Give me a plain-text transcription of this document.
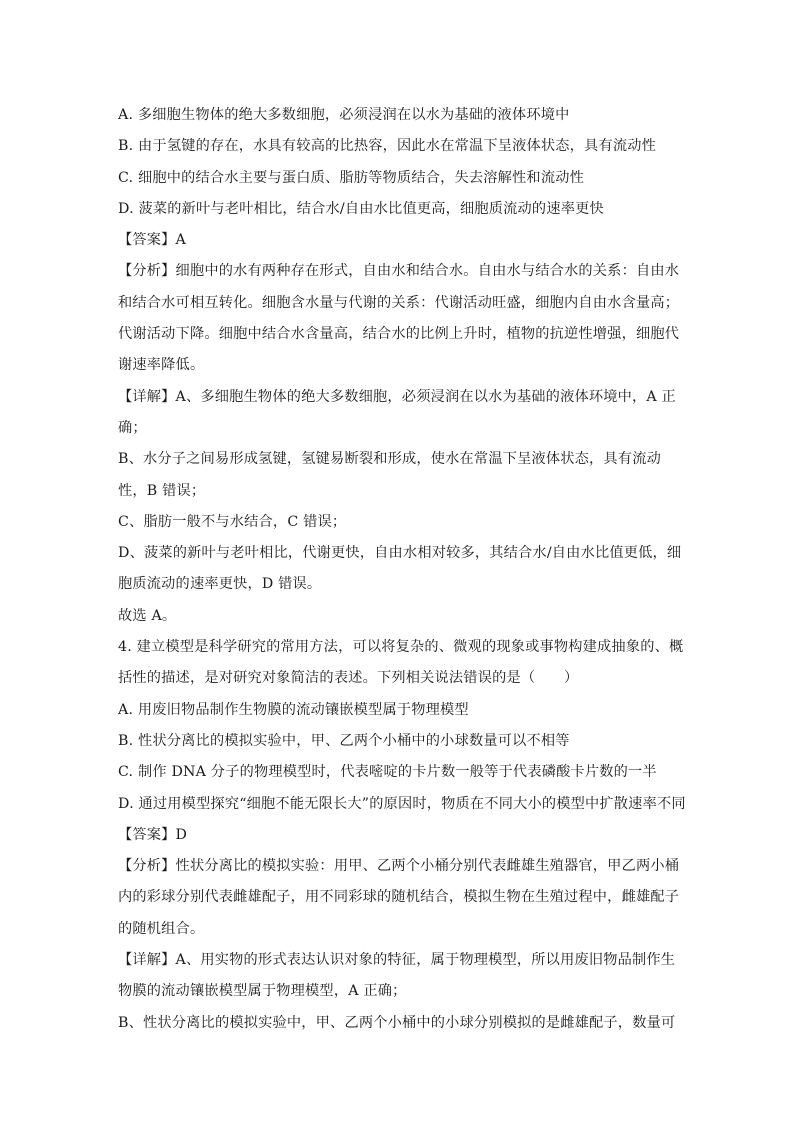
A. 多细胞生物体的绝大多数细胞，必须浸润在以水为基础的液体环境中
B. 由于氢键的存在，水具有较高的比热容，因此水在常温下呈液体状态，具有流动性
C. 细胞中的结合水主要与蛋白质、脂肪等物质结合，失去溶解性和流动性
D. 菠菜的新叶与老叶相比，结合水/自由水比值更高，细胞质流动的速率更快
【答案】A
【分析】细胞中的水有两种存在形式，自由水和结合水。自由水与结合水的关系：自由水
和结合水可相互转化。细胞含水量与代谢的关系：代谢活动旺盛，细胞内自由水含量高；
代谢活动下降。细胞中结合水含量高，结合水的比例上升时，植物的抗逆性增强，细胞代
谢速率降低。
【详解】A、多细胞生物体的绝大多数细胞，必须浸润在以水为基础的液体环境中，A 正
确；
B、水分子之间易形成氢键，氢键易断裂和形成，使水在常温下呈液体状态，具有流动
性，B 错误；
C、脂肪一般不与水结合，C 错误；
D、菠菜的新叶与老叶相比，代谢更快，自由水相对较多，其结合水/自由水比值更低，细
胞质流动的速率更快，D 错误。
故选 A。
4. 建立模型是科学研究的常用方法，可以将复杂的、微观的现象或事物构建成抽象的、概
括性的描述，是对研究对象简洁的表述。下列相关说法错误的是（　　）
A. 用废旧物品制作生物膜的流动镶嵌模型属于物理模型
B. 性状分离比的模拟实验中，甲、乙两个小桶中的小球数量可以不相等
C. 制作 DNA 分子的物理模型时，代表嘧啶的卡片数一般等于代表磷酸卡片数的一半
D. 通过用模型探究“细胞不能无限长大”的原因时，物质在不同大小的模型中扩散速率不同
【答案】D
【分析】性状分离比的模拟实验：用甲、乙两个小桶分别代表雌雄生殖器官，甲乙两小桶
内的彩球分别代表雌雄配子，用不同彩球的随机结合，模拟生物在生殖过程中，雌雄配子
的随机组合。
【详解】A、用实物的形式表达认识对象的特征，属于物理模型，所以用废旧物品制作生
物膜的流动镶嵌模型属于物理模型，A 正确；
B、性状分离比的模拟实验中，甲、乙两个小桶中的小球分别模拟的是雌雄配子，数量可
